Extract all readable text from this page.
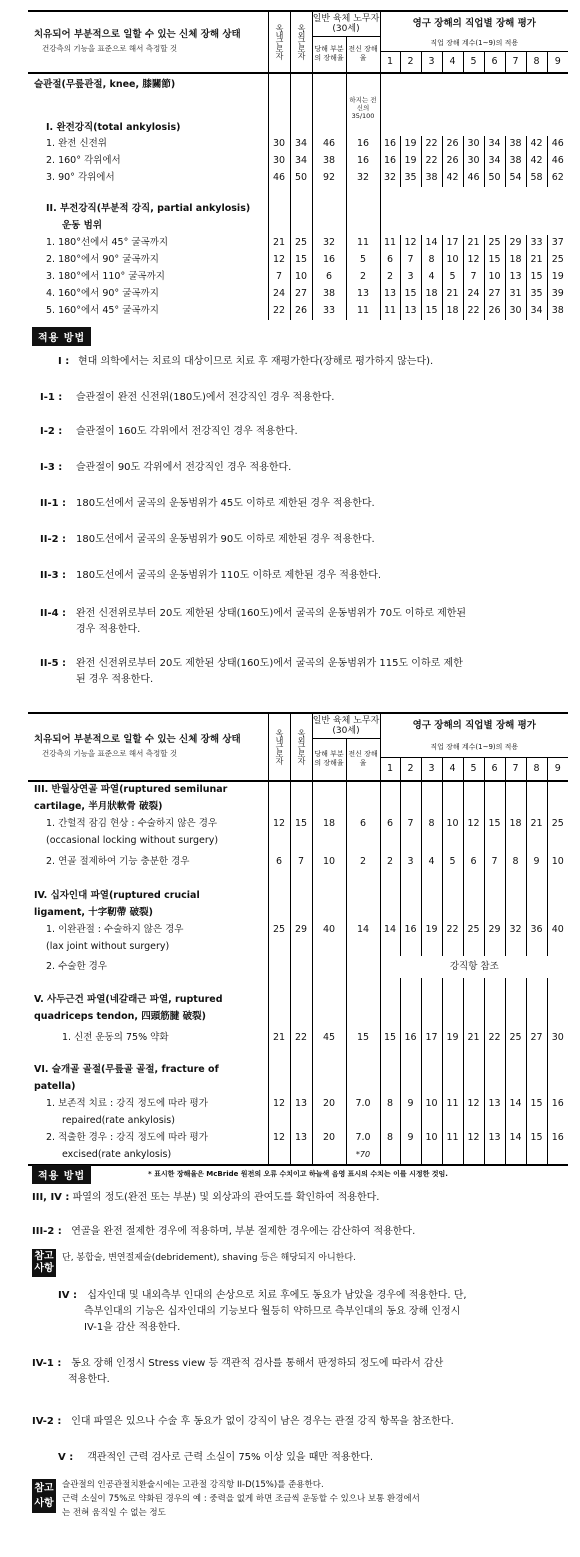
치유되어 부분적으로 일할 수 있는 신체 장해 상태
건강측의 기능을 표준으로 해서 측정할 것	옥내근로자	옥외근로자	일반 육체 노무자(30세)		영구 장해의 직업별 장해 평가								
			당해 부분의 장해율	전신 장해율	직업 장해 계수(1~9)의 적용								
					1	2	3	4	5	6	7	8	9
슬관절(무릎관절, knee, 膝關節)													
I. 완전강직(total ankylosis)				하지는 전신의 35/100									
1. 완전 신전위	30	34	46	16	16	19	22	26	30	34	38	42	46
2. 160° 각위에서	30	34	38	16	16	19	22	26	30	34	38	42	46
3. 90° 각위에서	46	50	92	32	32	35	38	42	46	50	54	58	62
II. 부전강직(부분적 강직, partial ankylosis)													
운동 범위													
1. 180°선에서 45° 굴곡까지	21	25	32	11	11	12	14	17	21	25	29	33	37
2. 180°에서 90° 굴곡까지	12	15	16	5	6	7	8	10	12	15	18	21	25
3. 180°에서 110° 굴곡까지	7	10	6	2	2	3	4	5	7	10	13	15	19
4. 160°에서 90° 굴곡까지	24	27	38	13	13	15	18	21	24	27	31	35	39
5. 160°에서 45° 굴곡까지	22	26	33	11	11	13	15	18	22	26	30	34	38
적용 방법
I : 현대 의학에서는 치료의 대상이므로 치료 후 재평가한다(장해로 평가하지 않는다).
I-1 : 슬관절이 완전 신전위(180도)에서 전강직인 경우 적용한다.
I-2 : 슬관절이 160도 각위에서 전강직인 경우 적용한다.
I-3 : 슬관절이 90도 각위에서 전강직인 경우 적용한다.
II-1 : 180도선에서 굴곡의 운동범위가 45도 이하로 제한된 경우 적용한다.
II-2 : 180도선에서 굴곡의 운동범위가 90도 이하로 제한된 경우 적용한다.
II-3 : 180도선에서 굴곡의 운동범위가 110도 이하로 제한된 경우 적용한다.
II-4 : 완전 신전위로부터 20도 제한된 상태(160도)에서 굴곡의 운동범위가 70도 이하로 제한된
경우 적용한다.
II-5 : 완전 신전위로부터 20도 제한된 상태(160도)에서 굴곡의 운동범위가 115도 이하로 제한
된 경우 적용한다.
치유되어 부분적으로 일할 수 있는 신체 장해 상태
건강측의 기능을 표준으로 해서 측정할 것	옥내근로자	옥외근로자	일반 육체 노무자(30세)		영구 장해의 직업별 장해 평가								
			당해 부분의 장해율	전신 장해율	직업 장해 계수(1~9)의 적용								
					1	2	3	4	5	6	7	8	9
III. 반월상연골 파열(ruptured semilunar													
cartilage, 半月狀軟骨 破裂)													
1. 간헐적 잠김 현상 : 수술하지 않은 경우	12	15	18	6	6	7	8	10	12	15	18	21	25
(occasional locking without surgery)													
2. 연골 절제하여 기능 충분한 경우	6	7	10	2	2	3	4	5	6	7	8	9	10

IV. 십자인대 파열(ruptured crucial													
ligament, 十字靭帶 破裂)													
1. 이완관절 : 수술하지 않은 경우	25	29	40	14	14	16	19	22	25	29	32	36	40
(lax joint without surgery)													
2. 수술한 경우					강직항 참조								

V. 사두근건 파열(네갈래근 파열, ruptured													
quadriceps tendon, 四頭筋腱 破裂)													
1. 신전 운동의 75% 약화	21	22	45	15	15	16	17	19	21	22	25	27	30

VI. 슬개골 골절(무릎골 골절, fracture of													
patella)													
1. 보존적 치료 : 강직 정도에 따라 평가	12	13	20	7.0	8	9	10	11	12	13	14	15	16
repaired(rate ankylosis)													
2. 적출한 경우 : 강직 정도에 따라 평가	12	13	20	7.0	8	9	10	11	12	13	14	15	16
excised(rate ankylosis)				*70									
적용 방법	* 표시한 장해율은 McBride 원전의 오류 수치이고 하늘색 음영 표시의 수치는 이를 시정한 것임.
III, IV : 파열의 정도(완전 또는 부분) 및 외상과의 관여도를 확인하여 적용한다.
III-2 : 연골을 완전 절제한 경우에 적용하며, 부분 절제한 경우에는 감산하여 적용한다.
참고사항
단, 봉합술, 변연절제술(debridement), shaving 등은 해당되지 아니한다.
IV : 십자인대 및 내외측부 인대의 손상으로 치료 후에도 동요가 남았을 경우에 적용한다. 단,
측부인대의 기능은 십자인대의 기능보다 월등히 약하므로 측부인대의 동요 장해 인정시
IV-1을 감산 적용한다.
IV-1 : 동요 장해 인정시 Stress view 등 객관적 검사를 통해서 판정하되 정도에 따라서 감산
적용한다.
IV-2 : 인대 파열은 있으나 수술 후 동요가 없이 강직이 남은 경우는 관절 강직 항목을 참조한다.
V : 객관적인 근력 검사로 근력 소실이 75% 이상 있을 때만 적용한다.
참고사항
슬관절의 인공관절치환술시에는 고관절 강직항 II-D(15%)를 준용한다.
근력 소실이 75%로 약화된 경우의 예 : 중력을 없게 하면 조금씩 운동할 수 있으나 보통 환경에서
는 전혀 움직일 수 없는 정도
